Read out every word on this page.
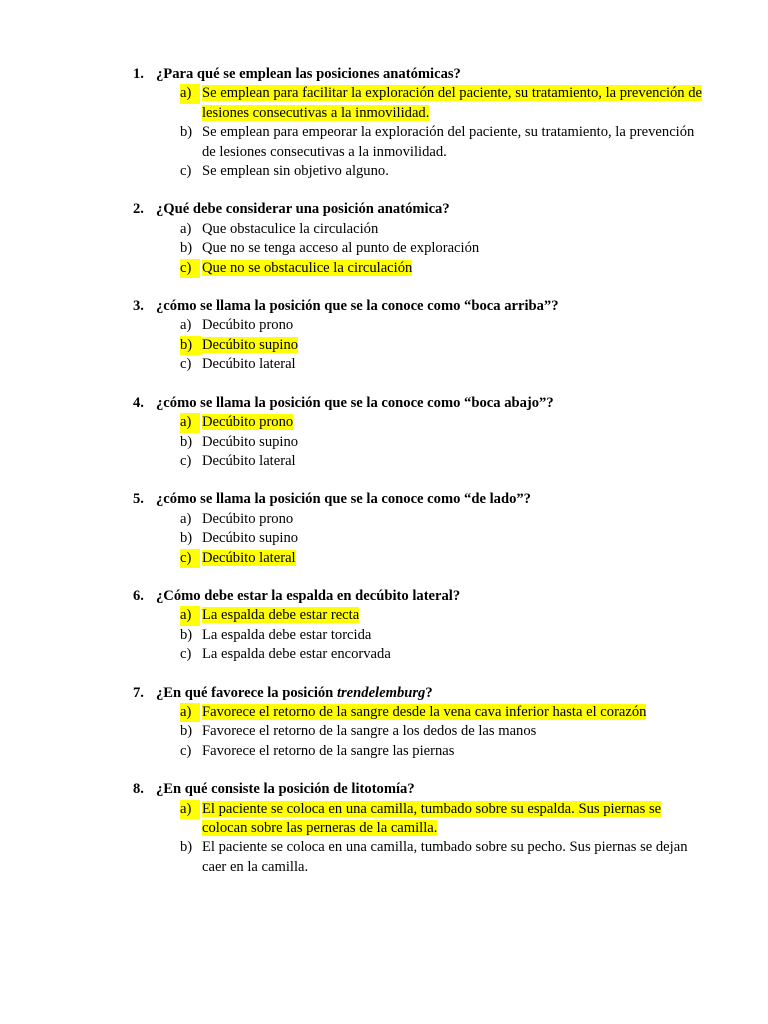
1. ¿Para qué se emplean las posiciones anatómicas?
a) Se emplean para facilitar la exploración del paciente, su tratamiento, la prevención de lesiones consecutivas a la inmovilidad.
b) Se emplean para empeorar la exploración del paciente, su tratamiento, la prevención de lesiones consecutivas a la inmovilidad.
c) Se emplean sin objetivo alguno.
2. ¿Qué debe considerar una posición anatómica?
a) Que obstaculice la circulación
b) Que no se tenga acceso al punto de exploración
c) Que no se obstaculice la circulación
3. ¿cómo se llama la posición que se la conoce como “boca arriba”?
a) Decúbito prono
b) Decúbito supino
c) Decúbito lateral
4. ¿cómo se llama la posición que se la conoce como “boca abajo”?
a) Decúbito prono
b) Decúbito supino
c) Decúbito lateral
5. ¿cómo se llama la posición que se la conoce como “de lado”?
a) Decúbito prono
b) Decúbito supino
c) Decúbito lateral
6. ¿Cómo debe estar la espalda en decúbito lateral?
a) La espalda debe estar recta
b) La espalda debe estar torcida
c) La espalda debe estar encorvada
7. ¿En qué favorece la posición trendelemburg?
a) Favorece el retorno de la sangre desde la vena cava inferior hasta el corazón
b) Favorece el retorno de la sangre a los dedos de las manos
c) Favorece el retorno de la sangre las piernas
8. ¿En qué consiste la posición de litotomía?
a) El paciente se coloca en una camilla, tumbado sobre su espalda. Sus piernas se colocan sobre las perneras de la camilla.
b) El paciente se coloca en una camilla, tumbado sobre su pecho. Sus piernas se dejan caer en la camilla.
